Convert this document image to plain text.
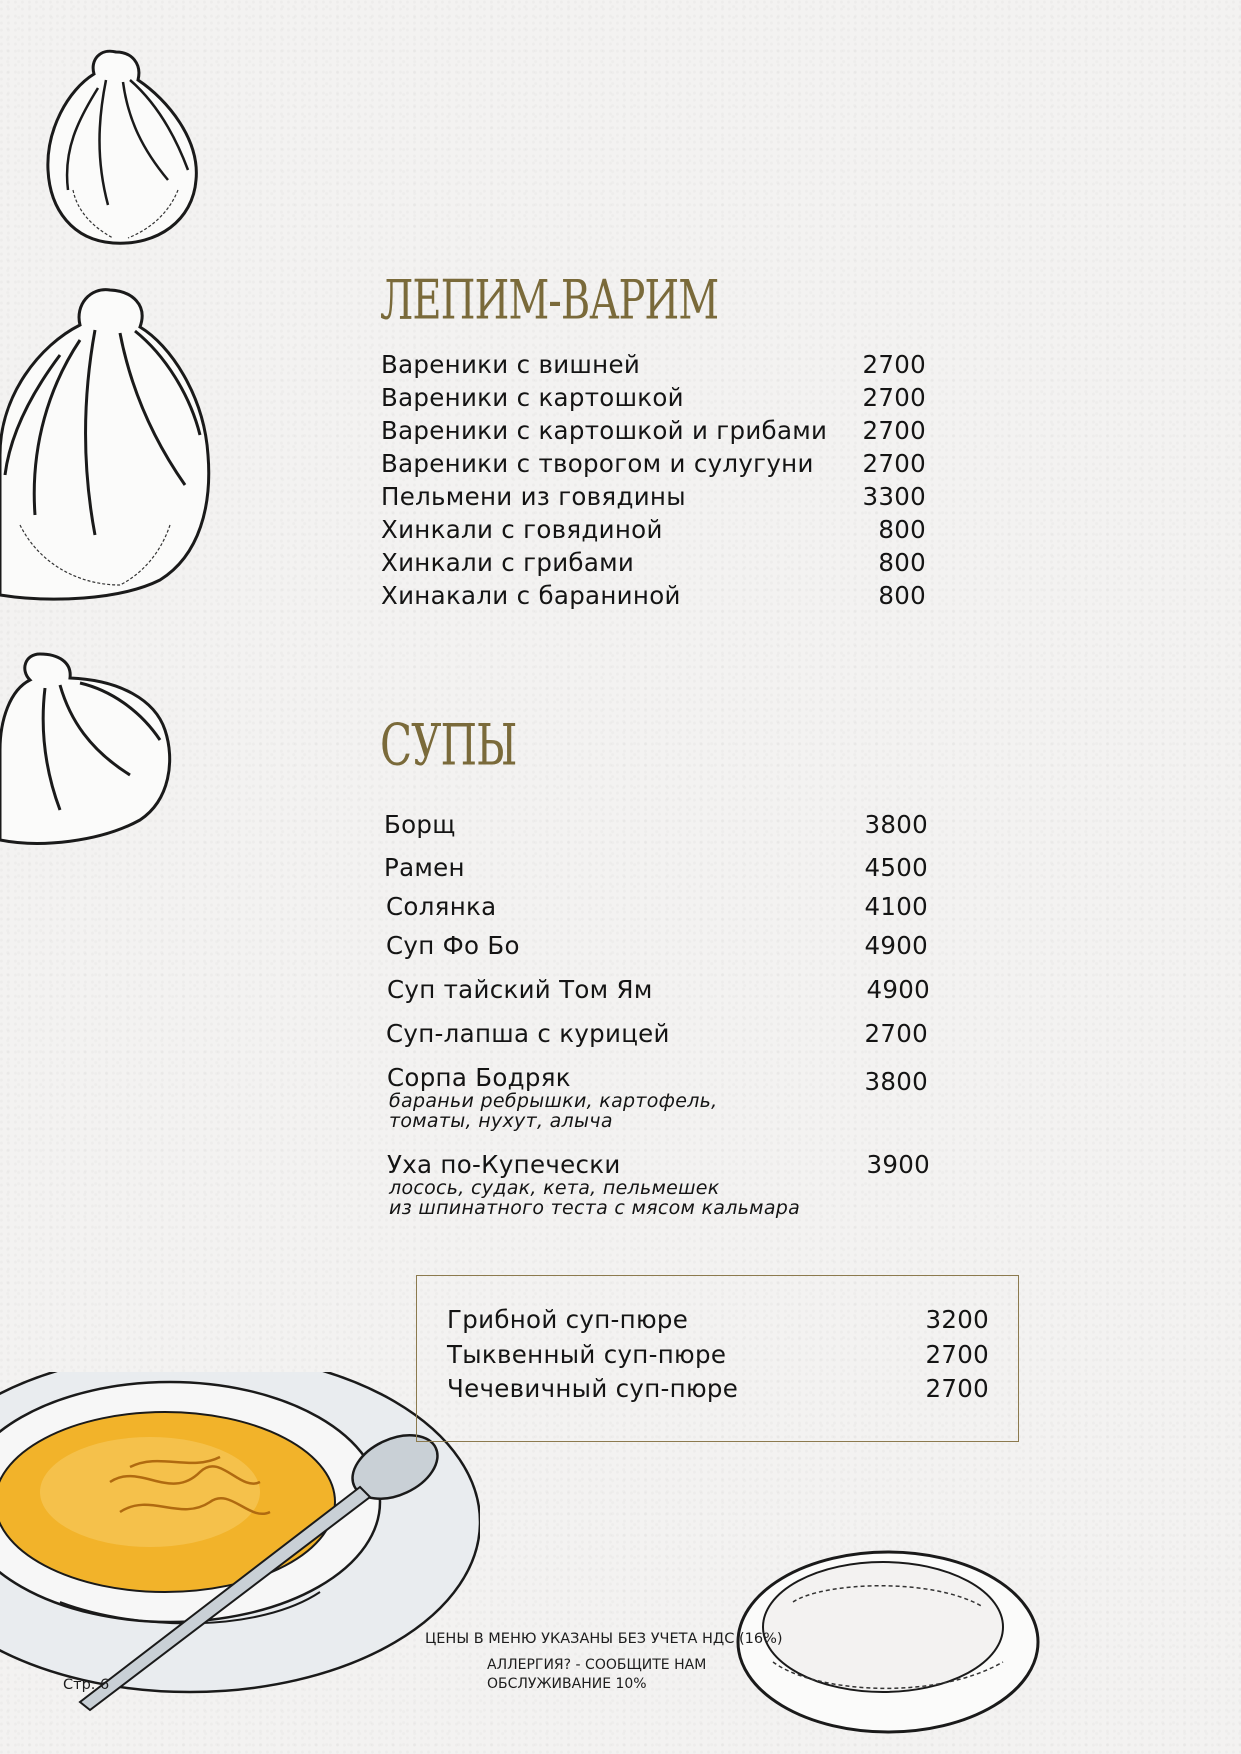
ЛЕПИМ-ВАРИМ
Вареники с вишней	2700
Вареники с картошкой	2700
Вареники с картошкой и грибами 2700
Вареники с творогом и сулугуни 2700
Пельмени из говядины	3300
Хинкали с говядиной	800
Хинкали с грибами	800
Хинакали с бараниной	800
СУПЫ
Борщ	3800
Рамен	4500
Солянка	4100
Суп Фо Бо	4900
Суп тайский Том Ям	4900
Суп-лапша с курицей	2700
Сорпа Бодряк	3800
бараньи ребрышки, картофель,
томаты, нухут, алыча
Уха по-Купечески	3900
лосось, судак, кета, пельмешек
из шпинатного теста с мясом кальмара
Грибной суп-пюре	3200
Тыквенный суп-пюре	2700
Чечевичный суп-пюре	2700
ЦЕНЫ В МЕНЮ УКАЗАНЫ БЕЗ УЧЕТА НДС (16%)
АЛЛЕРГИЯ? - СООБЩИТЕ НАМ
ОБСЛУЖИВАНИЕ 10%
Стр. 6
